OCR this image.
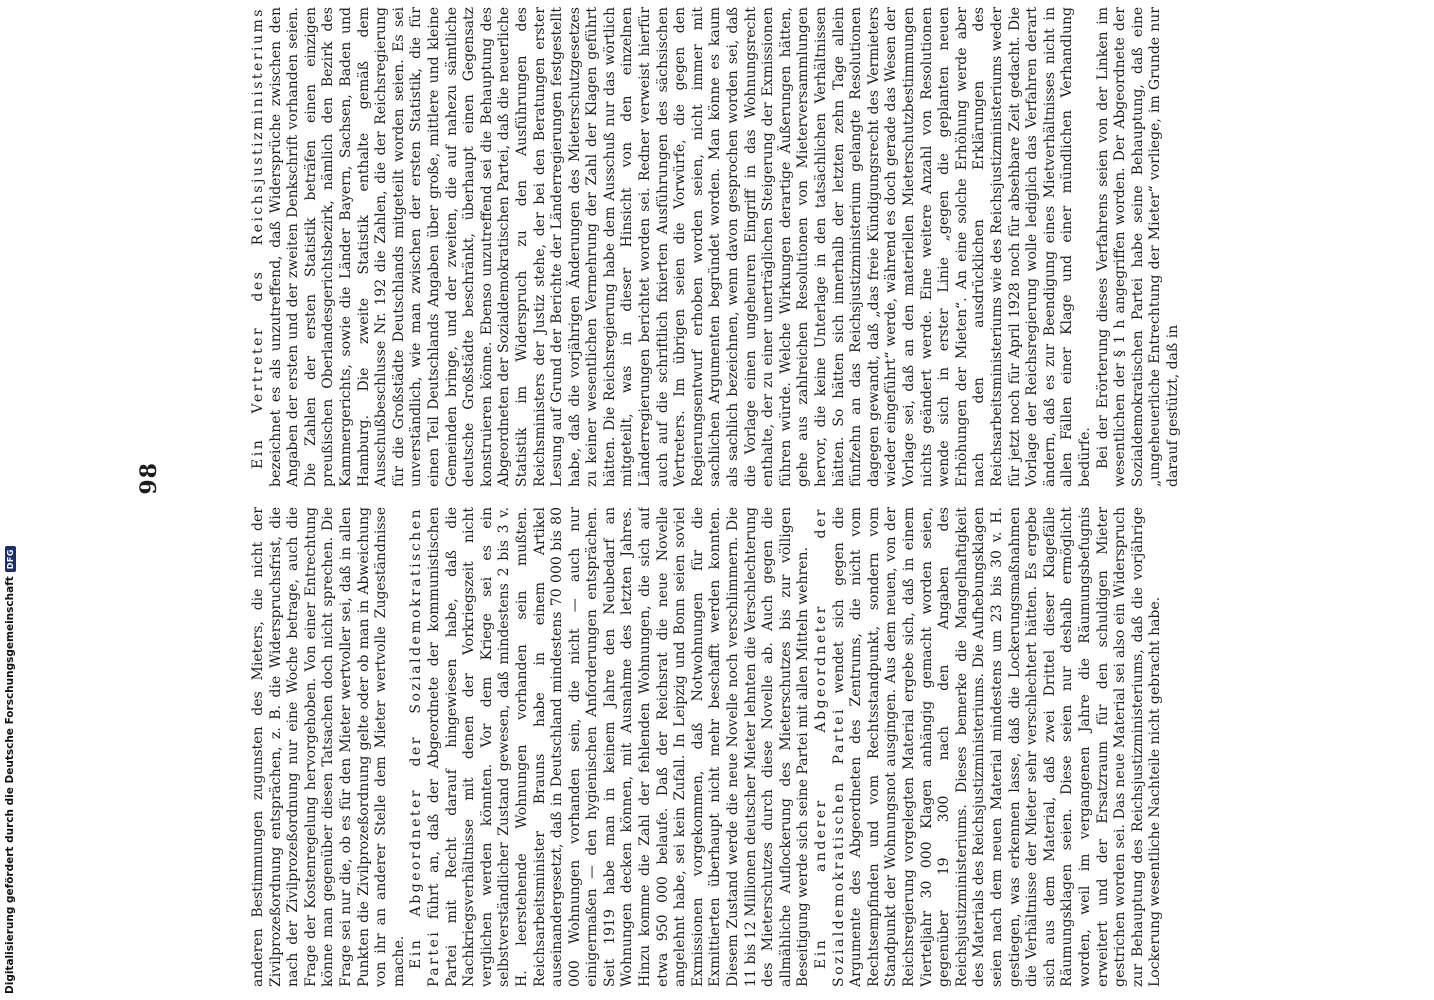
98

anderen Bestimmungen zugunsten des Mieters, die nicht der Zivilprozeßordnung entsprächen, z. B. die Widerspruchsfrist, die nach der Zivilprozeßordnung nur eine Woche betrage, auch die Frage der Kostenregelung hervorgehoben. Von einer Entrechtung könne man gegenüber diesen Tatsachen doch nicht sprechen. Die Frage sei nur die, ob es für den Mieter wertvoller sei, daß in allen Punkten die Zivilprozeßordnung gelte oder ob man in Abweichung von ihr an anderer Stelle dem Mieter wertvolle Zugeständnisse mache. Ein Abgeordneter der Sozialdemokratischen Partei führt an, daß der Abgeordnete der kommunistischen Partei mit Recht darauf hingewiesen habe, daß die Nachkriegsverhältnisse mit denen der Vorkriegszeit nicht verglichen werden könnten. Vor dem Kriege sei es ein selbstverständlicher Zustand gewesen, daß mindestens 2 bis 3 v. H. leerstehende Wohnungen vorhanden sein mußten. Reichsarbeitsminister Brauns habe in einem Artikel auseinandergesetzt, daß in Deutschland mindestens 70 000 bis 80 000 Wohnungen vorhanden sein, die nicht — auch nur einigermaßen — den hygienischen Anforderungen entsprächen. Seit 1919 habe man in keinem Jahre den Neubedarf an Wohnungen decken können, mit Ausnahme des letzten Jahres. Hinzu komme die Zahl der fehlenden Wohnungen, die sich auf etwa 950 000 belaufe. Daß der Reichsrat die neue Novelle angelehnt habe, sei kein Zufall. In Leipzig und Bonn seien soviel Exmissionen vorgekommen, daß Notwohnungen für die Exmittierten überhaupt nicht mehr beschafft werden konnten. Diesem Zustand werde die neue Novelle noch verschlimmern. Die 11 bis 12 Millionen deutscher Mieter lehnten die Verschlechterung des Mieterschutzes durch diese Novelle ab. Auch gegen die allmähliche Auflockerung des Mieterschutzes bis zur völligen Beseitigung werde sich seine Partei mit allen Mitteln wehren. Ein anderer Abgeordneter der Sozialdemokratischen Partei wendet sich gegen die Argumente des Abgeordneten des Zentrums, die nicht vom Rechtsempfinden und vom Rechtsstandpunkt, sondern vom Standpunkt der Wohnungsnot ausgingen. Aus dem neuen, von der Reichsregierung vorgelegten Material ergebe sich, daß in einem Vierteljahr 30 000 Klagen anhängig gemacht worden seien, gegenüber 19 300 nach den Angaben des Reichsjustizministeriums. Dieses bemerke die Mangelhaftigkeit des Materials des Reichsjustizministeriums. Die Aufhebungsklagen seien nach dem neuen Material mindestens um 23 bis 30 v. H. gestiegen, was erkennen lasse, daß die Lockerungsmaßnahmen die Verhältnisse der Mieter sehr verschlechtert hätten. Es ergebe sich aus dem Material, daß zwei Drittel dieser Klagefälle Räumungsklagen seien. Diese seien nur deshalb ermöglicht worden, weil im vergangenen Jahre die Räumungsbefugnis erweitert und der Ersatzraum für den schuldigen Mieter gestrichen worden sei. Das neue Material sei also ein Widerspruch zur Behauptung des Reichsjustizministeriums, daß die vorjährige Lockerung wesentliche Nachteile nicht gebracht habe.

Ein Vertreter des Reichsjustizministeriums bezeichnet es als unzutreffend, daß Widersprüche zwischen den Angaben der ersten und der zweiten Denkschrift vorhanden seien. Die Zahlen der ersten Statistik beträfen einen einzigen preußischen Oberlandesgerichtsbezirk, nämlich den Bezirk des Kammergerichts, sowie die Länder Bayern, Sachsen, Baden und Hamburg. Die zweite Statistik enthalte gemäß dem Ausschußbeschlusse Nr. 192 die Zahlen, die der Reichsregierung für die Großstädte Deutschlands mitgeteilt worden seien. Es sei unverständlich, wie man zwischen der ersten Statistik, die für einen Teil Deutschlands Angaben über große, mittlere und kleine Gemeinden bringe, und der zweiten, die auf nahezu sämtliche deutsche Großstädte beschränkt, überhaupt einen Gegensatz konstruieren könne. Ebenso unzutreffend sei die Behauptung des Abgeordneten der Sozialdemokratischen Partei, daß die neuerliche Statistik im Widerspruch zu den Ausführungen des Reichsministers der Justiz stehe, der bei den Beratungen erster Lesung auf Grund der Berichte der Länderregierungen festgestellt habe, daß die vorjährigen Änderungen des Mieterschutzgesetzes zu keiner wesentlichen Vermehrung der Zahl der Klagen geführt hätten. Die Reichsregierung habe dem Ausschuß nur das wörtlich mitgeteilt, was in dieser Hinsicht von den einzelnen Länderregierungen berichtet worden sei. Redner verweist hierfür auch auf die schriftlich fixierten Ausführungen des sächsischen Vertreters. Im übrigen seien die Vorwürfe, die gegen den Regierungsentwurf erhoben worden seien, nicht immer mit sachlichen Argumenten begründet worden. Man könne es kaum als sachlich bezeichnen, wenn davon gesprochen worden sei, daß die Vorlage einen ungeheuren Eingriff in das Wohnungsrecht enthalte, der zu einer unerträglichen Steigerung der Exmissionen führen würde. Welche Wirkungen derartige Äußerungen hätten, gehe aus zahlreichen Resolutionen von Mieterversammlungen hervor, die keine Unterlage in den tatsächlichen Verhältnissen hätten. So hätten sich innerhalb der letzten zehn Tage allein fünfzehn an das Reichsjustizministerium gelangte Resolutionen dagegen gewandt, daß „das freie Kündigungsrecht des Vermieters wieder eingeführt“ werde, während es doch gerade das Wesen der Vorlage sei, daß an den materiellen Mieterschutzbestimmungen nichts geändert werde. Eine weitere Anzahl von Resolutionen wende sich in erster Linie „gegen die geplanten neuen Erhöhungen der Mieten“. An eine solche Erhöhung werde aber nach den ausdrücklichen Erklärungen des Reichsarbeitsministeriums wie des Reichsjustizministeriums weder für jetzt noch für April 1928 noch für absehbare Zeit gedacht. Die Vorlage der Reichsregierung wolle lediglich das Verfahren derart ändern, daß es zur Beendigung eines Mietverhältnisses nicht in allen Fällen einer Klage und einer mündlichen Verhandlung bedürfe. Bei der Erörterung dieses Verfahrens seien von der Linken im wesentlichen der § 1 h angegriffen worden. Der Abgeordnete der Sozialdemokratischen Partei habe seine Behauptung, daß eine „ungeheuerliche Entrechtung der Mieter“ vorliege, im Grunde nur darauf gestützt, daß in

Digitalisierung gefördert durch die Deutsche Forschungsgemeinschaft
DFG
